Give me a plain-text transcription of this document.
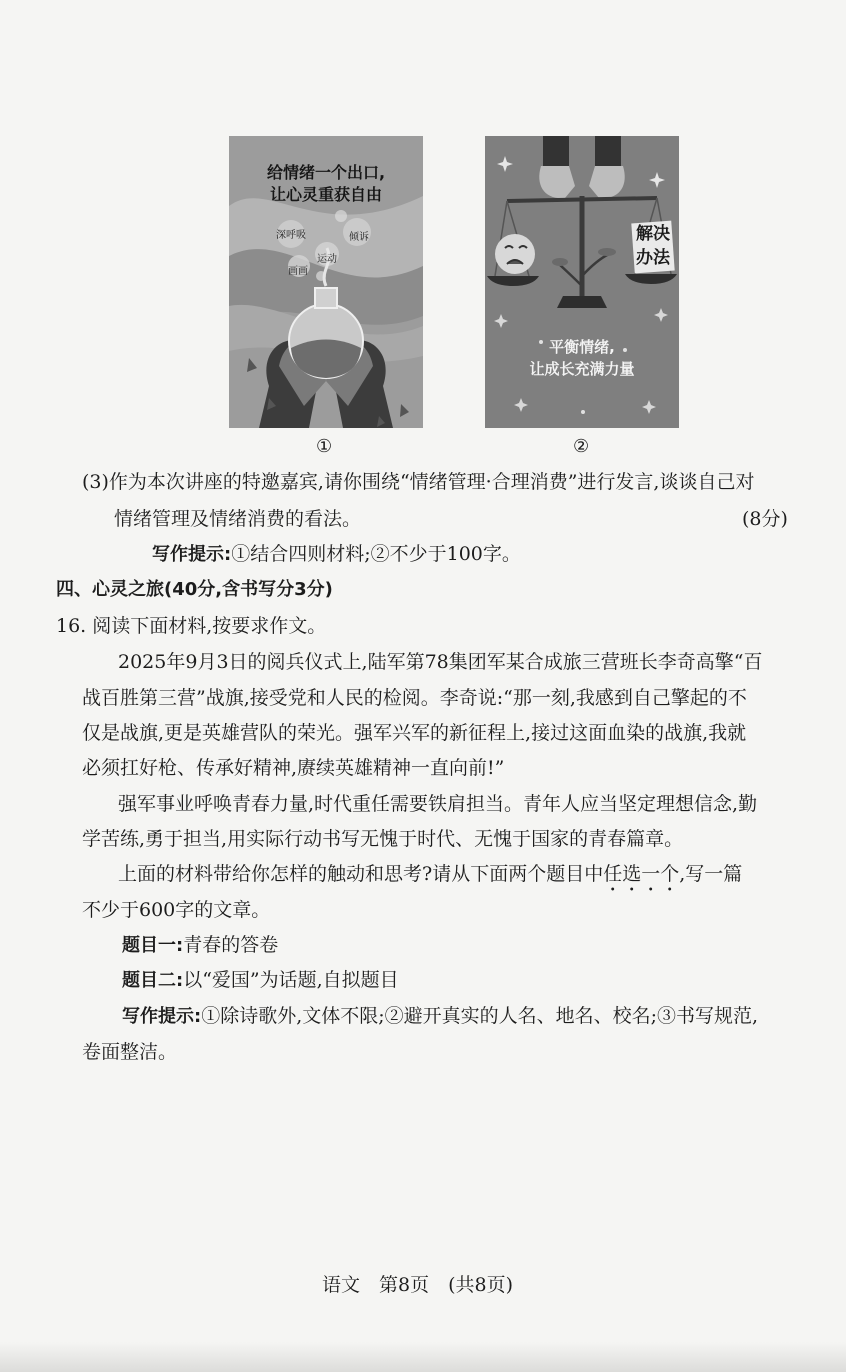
给情绪一个出口,
让心灵重获自由
深呼吸	倾诉
运动
画画
①
解决
办法
平衡情绪,
让成长充满力量
②
(3)作为本次讲座的特邀嘉宾,请你围绕“情绪管理·合理消费”进行发言,谈谈自己对
情绪管理及情绪消费的看法。	(8分)
写作提示:①结合四则材料;②不少于100字。
四、心灵之旅(40分,含书写分3分)
16. 阅读下面材料,按要求作文。
2025年9月3日的阅兵仪式上,陆军第78集团军某合成旅三营班长李奇高擎“百
战百胜第三营”战旗,接受党和人民的检阅。李奇说:“那一刻,我感到自己擎起的不
仅是战旗,更是英雄营队的荣光。强军兴军的新征程上,接过这面血染的战旗,我就
必须扛好枪、传承好精神,赓续英雄精神一直向前!”
强军事业呼唤青春力量,时代重任需要铁肩担当。青年人应当坚定理想信念,勤
学苦练,勇于担当,用实际行动书写无愧于时代、无愧于国家的青春篇章。
上面的材料带给你怎样的触动和思考?请从下面两个题目中任选一个,写一篇
不少于600字的文章。
题目一:青春的答卷
题目二:以“爱国”为话题,自拟题目
写作提示:①除诗歌外,文体不限;②避开真实的人名、地名、校名;③书写规范,
卷面整洁。
语文　第8页　(共8页)
